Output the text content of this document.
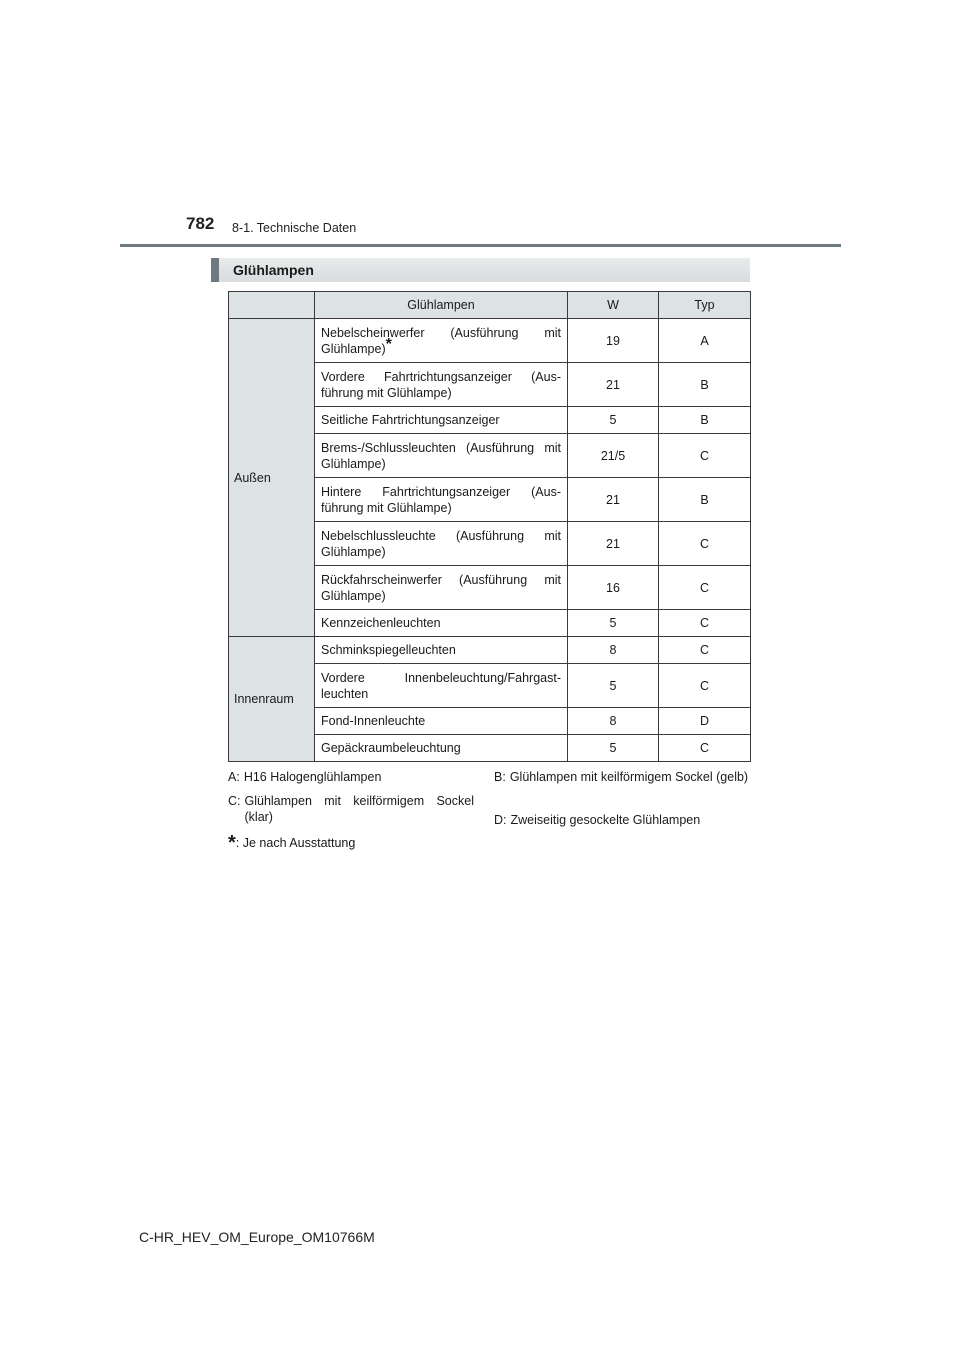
782 8-1. Technische Daten
Glühlampen
	Glühlampen	W	Typ
Außen	Nebelscheinwerfer (Ausführung mit Glühlampe)*	19	A
	Vordere Fahrtrichtungsanzeiger (Aus-führung mit Glühlampe)	21	B
	Seitliche Fahrtrichtungsanzeiger	5	B
	Brems-/Schlussleuchten (Ausführung mit Glühlampe)	21/5	C
	Hintere Fahrtrichtungsanzeiger (Aus-führung mit Glühlampe)	21	B
	Nebelschlussleuchte (Ausführung mit Glühlampe)	21	C
	Rückfahrscheinwerfer (Ausführung mit Glühlampe)	16	C
	Kennzeichenleuchten	5	C
Innenraum	Schminkspiegelleuchten	8	C
	Vordere Innenbeleuchtung/Fahrgast-leuchten	5	C
	Fond-Innenleuchte	8	D
	Gepäckraumbeleuchtung	5	C
A: H16 Halogenglühlampen	B: Glühlampen mit keilförmigem Sockel (gelb)
C: Glühlampen mit keilförmigem Sockel (klar)	D: Zweiseitig gesockelte Glühlampen
*: Je nach Ausstattung
C-HR_HEV_OM_Europe_OM10766M
